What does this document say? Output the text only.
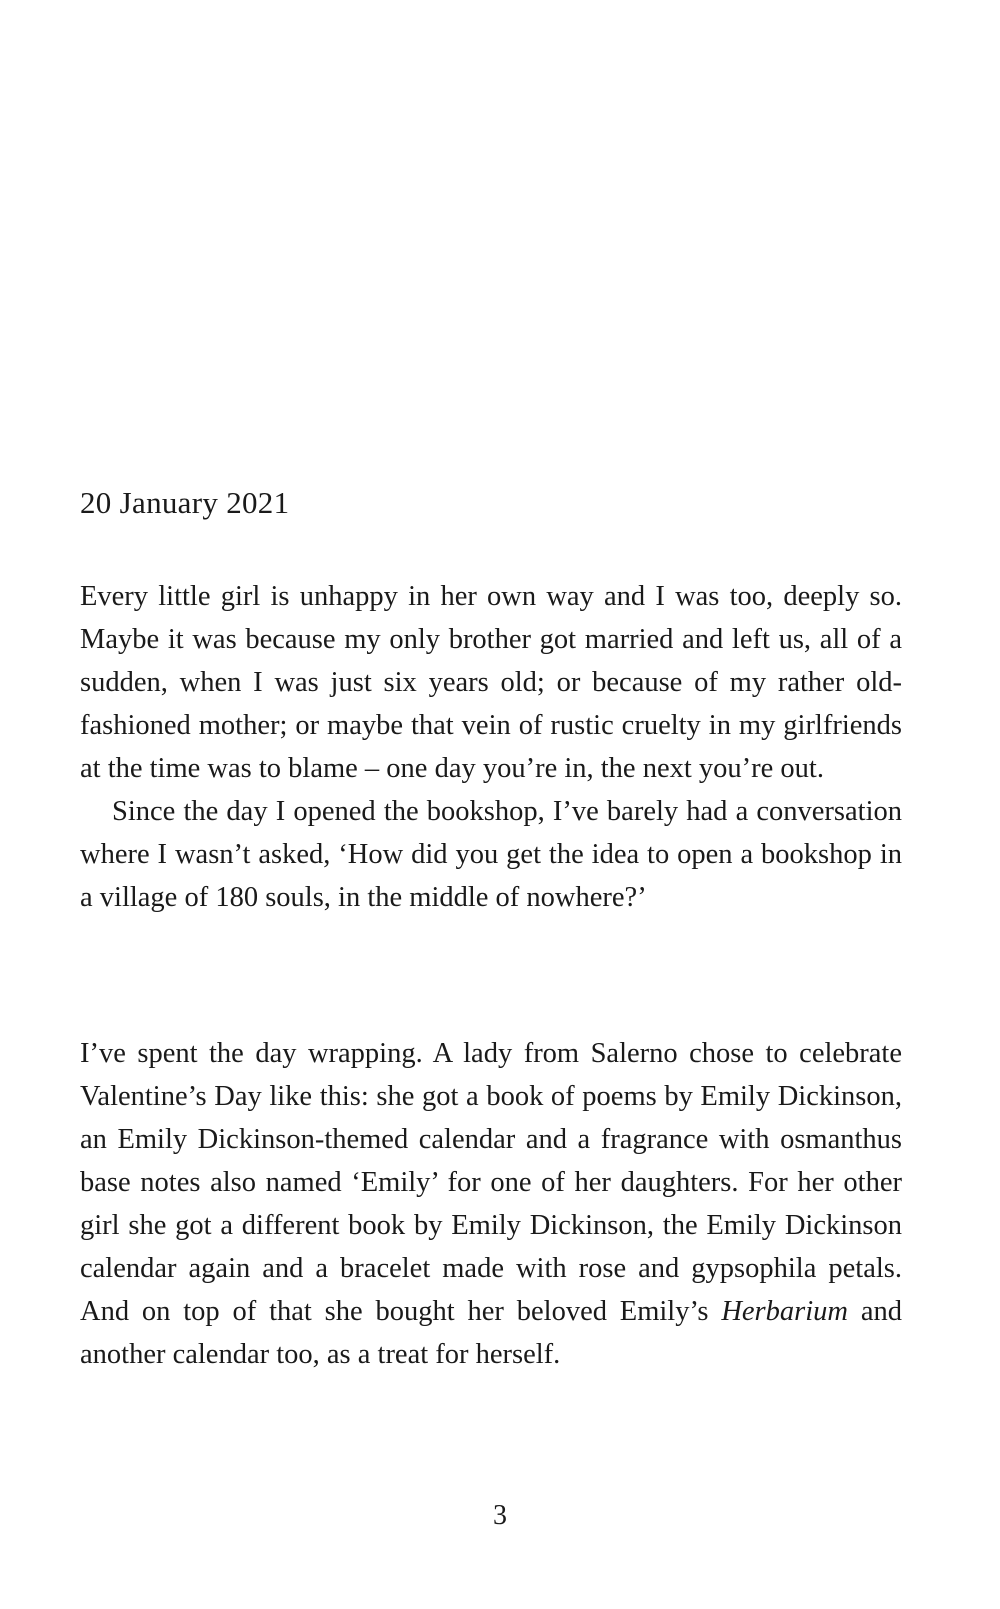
20 January 2021

Every little girl is unhappy in her own way and I was too, deeply so. Maybe it was because my only brother got married and left us, all of a sudden, when I was just six years old; or because of my rather old-fashioned mother; or maybe that vein of rustic cruelty in my girlfriends at the time was to blame – one day you’re in, the next you’re out.

Since the day I opened the bookshop, I’ve barely had a conversation where I wasn’t asked, ‘How did you get the idea to open a bookshop in a village of 180 souls, in the middle of nowhere?’

I’ve spent the day wrapping. A lady from Salerno chose to celebrate Valentine’s Day like this: she got a book of poems by Emily Dickinson, an Emily Dickinson-themed calendar and a fragrance with osmanthus base notes also named ‘Emily’ for one of her daughters. For her other girl she got a different book by Emily Dickinson, the Emily Dickinson calendar again and a bracelet made with rose and gypsophila petals. And on top of that she bought her beloved Emily’s Herbarium and another calendar too, as a treat for herself.

3
